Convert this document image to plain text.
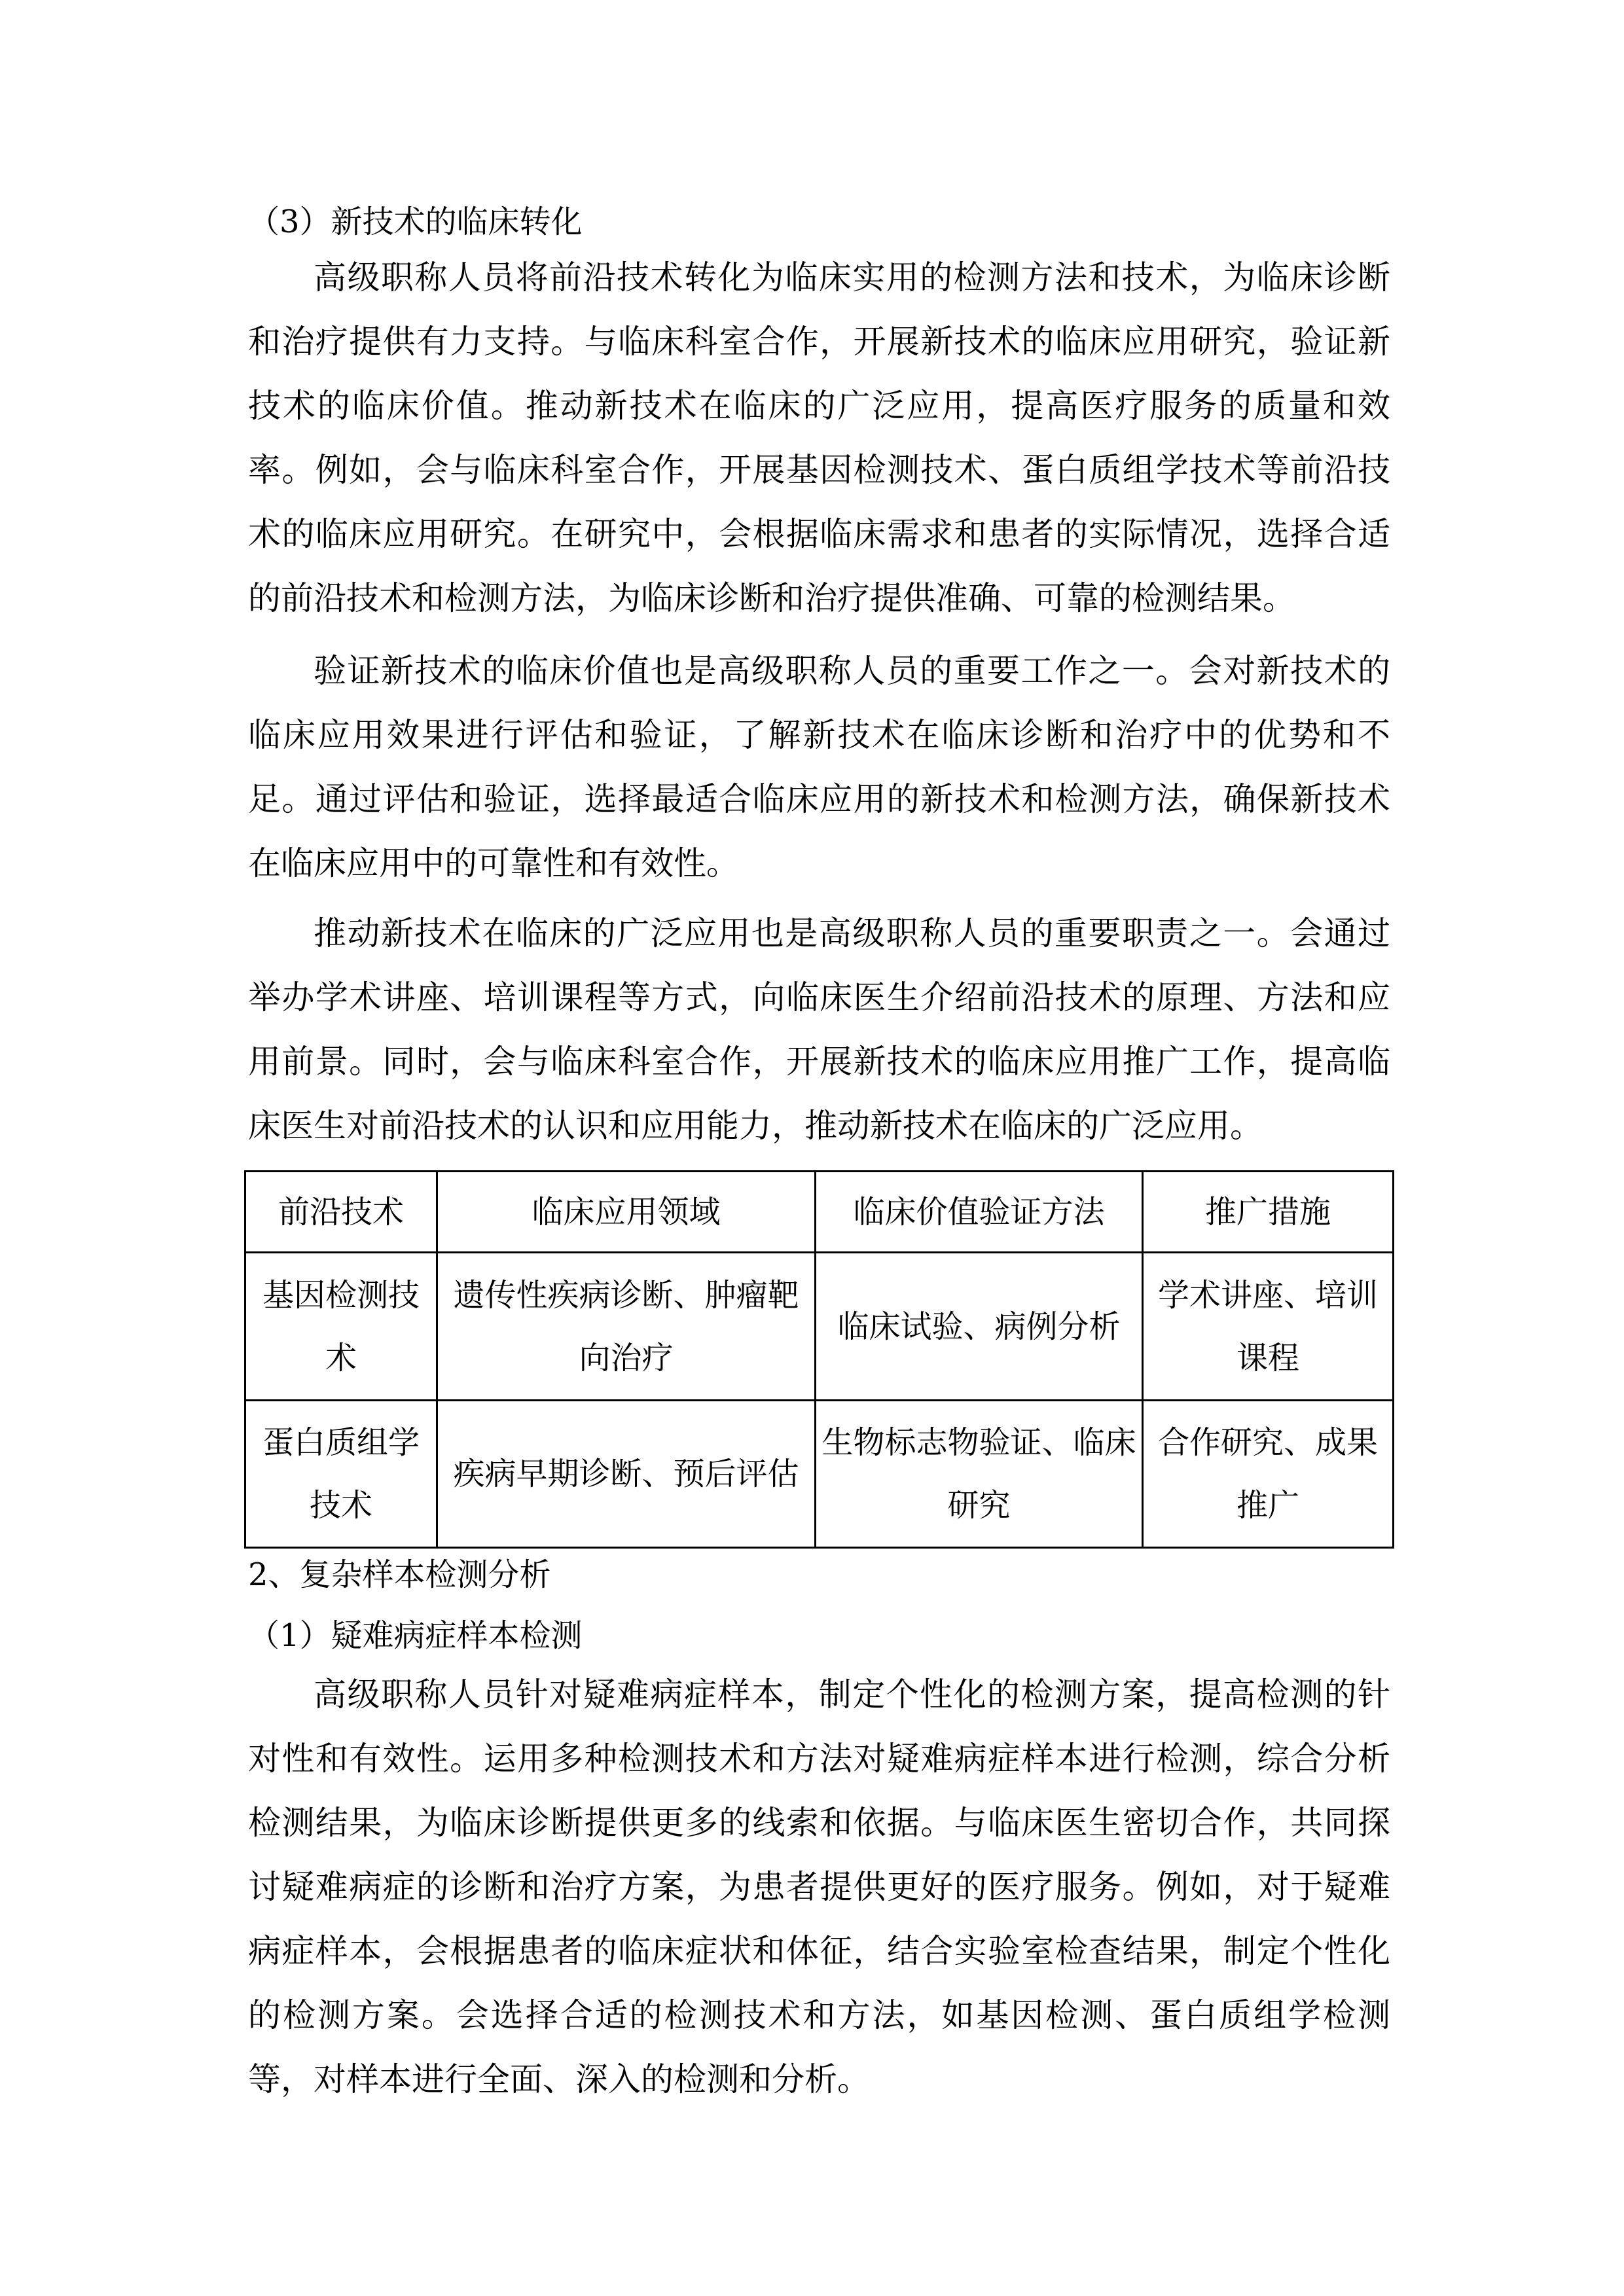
（3）新技术的临床转化
高级职称人员将前沿技术转化为临床实用的检测方法和技术，为临床诊断
和治疗提供有力支持。与临床科室合作，开展新技术的临床应用研究，验证新
技术的临床价值。推动新技术在临床的广泛应用，提高医疗服务的质量和效
率。例如，会与临床科室合作，开展基因检测技术、蛋白质组学技术等前沿技
术的临床应用研究。在研究中，会根据临床需求和患者的实际情况，选择合适
的前沿技术和检测方法，为临床诊断和治疗提供准确、可靠的检测结果。
验证新技术的临床价值也是高级职称人员的重要工作之一。会对新技术的
临床应用效果进行评估和验证，了解新技术在临床诊断和治疗中的优势和不
足。通过评估和验证，选择最适合临床应用的新技术和检测方法，确保新技术
在临床应用中的可靠性和有效性。
推动新技术在临床的广泛应用也是高级职称人员的重要职责之一。会通过
举办学术讲座、培训课程等方式，向临床医生介绍前沿技术的原理、方法和应
用前景。同时，会与临床科室合作，开展新技术的临床应用推广工作，提高临
床医生对前沿技术的认识和应用能力，推动新技术在临床的广泛应用。
前沿技术	临床应用领域	临床价值验证方法	推广措施
基因检测技术	遗传性疾病诊断、肿瘤靶向治疗	临床试验、病例分析	学术讲座、培训课程
蛋白质组学技术	疾病早期诊断、预后评估	生物标志物验证、临床研究	合作研究、成果推广
2、复杂样本检测分析
（1）疑难病症样本检测
高级职称人员针对疑难病症样本，制定个性化的检测方案，提高检测的针
对性和有效性。运用多种检测技术和方法对疑难病症样本进行检测，综合分析
检测结果，为临床诊断提供更多的线索和依据。与临床医生密切合作，共同探
讨疑难病症的诊断和治疗方案，为患者提供更好的医疗服务。例如，对于疑难
病症样本，会根据患者的临床症状和体征，结合实验室检查结果，制定个性化
的检测方案。会选择合适的检测技术和方法，如基因检测、蛋白质组学检测
等，对样本进行全面、深入的检测和分析。
